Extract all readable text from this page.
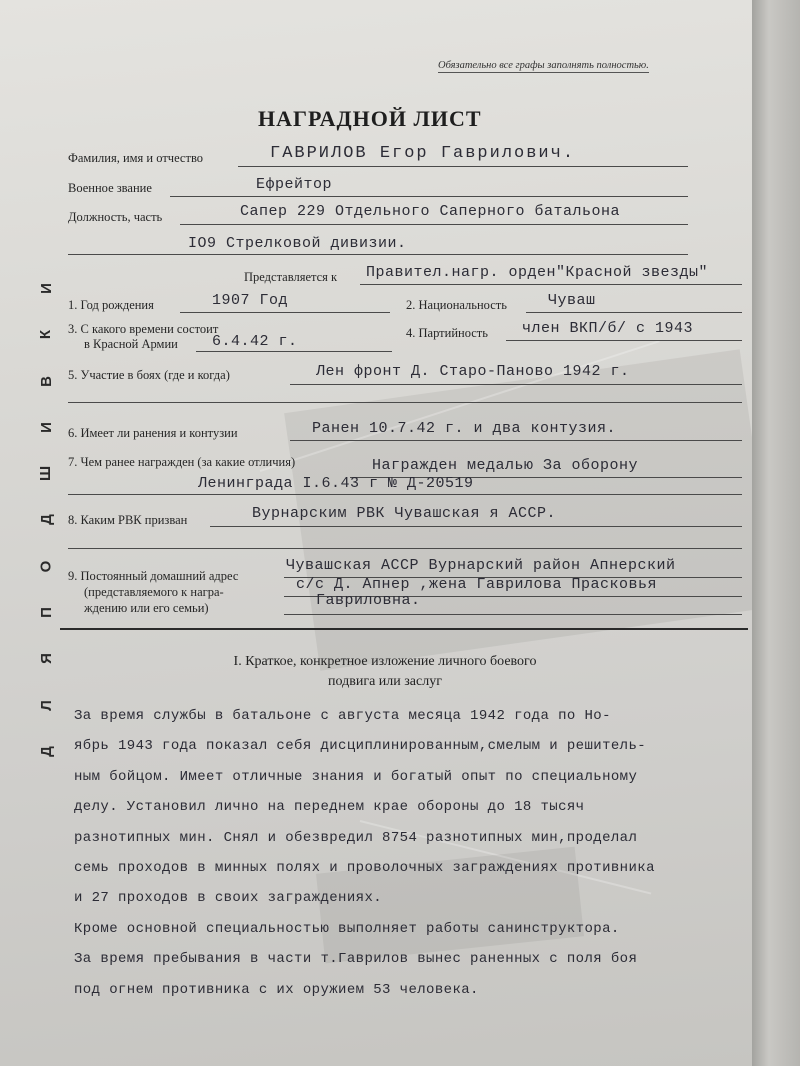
И
К
В
И
Ш
Д
О
П
Я
Л
Д
Обязательно все графы заполнять полностью.
НАГРАДНОЙ ЛИСТ
Фамилия, имя и отчество	ГАВРИЛОВ Егор Гаврилович.
Военное звание	Ефрейтор
Должность, часть	Сапер 229 Отдельного Саперного батальона
IO9 Стрелковой дивизии.
Представляется к Правител.нагр. орден"Красной звезды"
1. Год рождения	1907 Год	2. Национальность	Чуваш
3. С какого времени состоит
в Красной Армии 6.4.42 г.	4. Партийность член ВКП/б/ с 1943
5. Участие в боях (где и когда)	Лен фронт Д. Старо-Паново 1942 г.
6. Имеет ли ранения и контузии	Ранен 10.7.42 г. и два контузия.
7. Чем ранее награжден (за какие отличия)	Награжден медалью За оборону
Ленинграда I.6.43 г № Д-20519
8. Каким РВК призван	Вурнарским РВК Чувашская я АССР.
9. Постоянный домашний адрес
(представляемого к награ-
ждению или его семьи)
Чувашская АССР Вурнарский район Апнерский
с/с Д. Апнер ,жена Гаврилова Прасковья
Гавриловна.
I. Краткое, конкретное изложение личного боевого
подвига или заслуг
За время службы в батальоне с августа месяца 1942 года по Но-
ябрь 1943 года показал себя дисциплинированным,смелым и решитель-
ным бойцом. Имеет отличные знания и богатый опыт по специальному
делу. Установил лично на переднем крае обороны до 18 тысяч
разнотипных мин. Снял и обезвредил 8754 разнотипных мин,проделал
семь проходов в минных полях и проволочных заграждениях противника
и 27 проходов в своих заграждениях.
Кроме основной специальностью выполняет работы санинструктора.
За время пребывания в части т.Гаврилов вынес раненных с поля боя
под огнем противника с их оружием 53 человека.
